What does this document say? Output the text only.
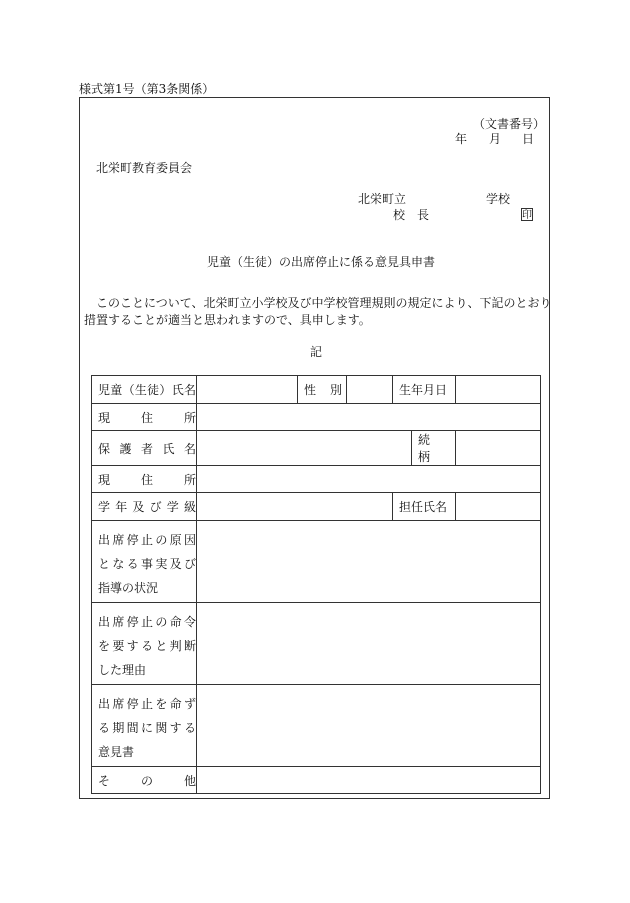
様式第1号（第3条関係）
（文書番号）
年 月 日
北栄町教育委員会
北栄町立	学校
校　長	印
児童（生徒）の出席停止に係る意見具申書
このことについて、北栄町立小学校及び中学校管理規則の規定により、下記のとおり
措置することが適当と思われますので、具申します。
記
児童（生徒）氏名		性　別		生年月日		

現　住　所						

保護者氏名					続　柄	

現　住　所						

学年及び学級				担任氏名		

出席停止の原因
となる事実及び
指導の状況						

出席停止の命令
を要すると判断
した理由						

出席停止を命ず
る期間に関する
意見書						

そ　の　他						
